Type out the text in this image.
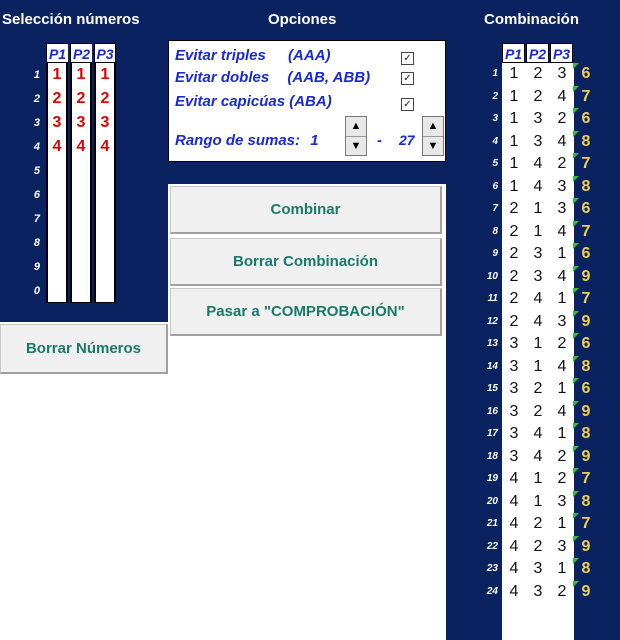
Selección números	Opciones	Combinación
P1 P2 P3
1 1 1 1
2 2 2 2
3 3 3 3
4 4 4 4
5
6
7
8
9
0
Evitar triples (AAA)	✓
Evitar dobles (AAB, ABB)	✓
Evitar capicúas (ABA)	✓
Rango de sumas: 1
▲
▼	- 27
▲
▼
Combinar
Borrar Combinación
Pasar a "COMPROBACIÓN"
Borrar Números
P1 P2 P3
1 1 2 3 6
2 1 2 4 7
3 1 3 2 6
4 1 3 4 8
5 1 4 2 7
6 1 4 3 8
7 2 1 3 6
8 2 1 4 7
9 2 3 1 6
10 2 3 4 9
11 2 4 1 7
12 2 4 3 9
13 3 1 2 6
14 3 1 4 8
15 3 2 1 6
16 3 2 4 9
17 3 4 1 8
18 3 4 2 9
19 4 1 2 7
20 4 1 3 8
21 4 2 1 7
22 4 2 3 9
23 4 3 1 8
24 4 3 2 9
